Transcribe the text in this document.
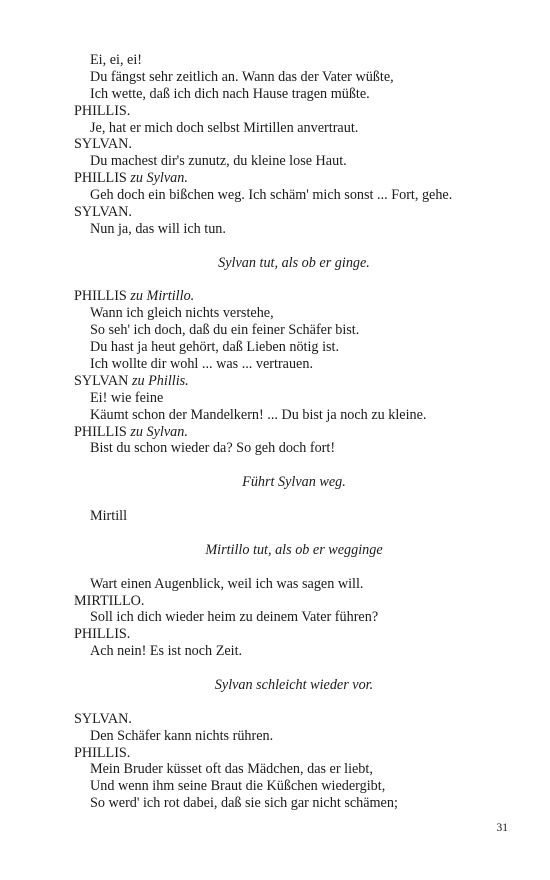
Ei, ei, ei!
Du fängst sehr zeitlich an. Wann das der Vater wüßte,
Ich wette, daß ich dich nach Hause tragen müßte.
PHILLIS.
Je, hat er mich doch selbst Mirtillen anvertraut.
SYLVAN.
Du machest dir's zunutz, du kleine lose Haut.
PHILLIS zu Sylvan.
Geh doch ein bißchen weg. Ich schäm' mich sonst ... Fort, gehe.
SYLVAN.
Nun ja, das will ich tun.
Sylvan tut, als ob er ginge.
PHILLIS zu Mirtillo.
Wann ich gleich nichts verstehe,
So seh' ich doch, daß du ein feiner Schäfer bist.
Du hast ja heut gehört, daß Lieben nötig ist.
Ich wollte dir wohl ... was ... vertrauen.
SYLVAN zu Phillis.
Ei! wie feine
Käumt schon der Mandelkern! ... Du bist ja noch zu kleine.
PHILLIS zu Sylvan.
Bist du schon wieder da? So geh doch fort!
Führt Sylvan weg.
Mirtill
Mirtillo tut, als ob er wegginge
Wart einen Augenblick, weil ich was sagen will.
MIRTILLO.
Soll ich dich wieder heim zu deinem Vater führen?
PHILLIS.
Ach nein! Es ist noch Zeit.
Sylvan schleicht wieder vor.
SYLVAN.
Den Schäfer kann nichts rühren.
PHILLIS.
Mein Bruder küsset oft das Mädchen, das er liebt,
Und wenn ihm seine Braut die Küßchen wiedergibt,
So werd' ich rot dabei, daß sie sich gar nicht schämen;
31
